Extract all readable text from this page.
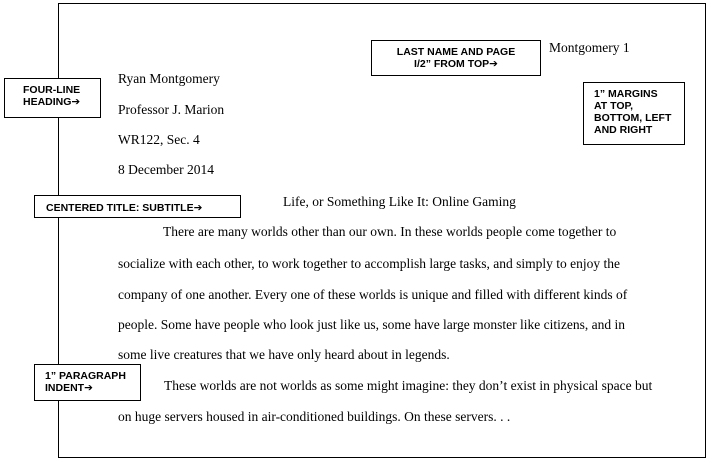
Montgomery 1
Ryan Montgomery
Professor J. Marion
WR122, Sec. 4
8 December 2014
Life, or Something Like It: Online Gaming
There are many worlds other than our own. In these worlds people come together to
socialize with each other, to work together to accomplish large tasks, and simply to enjoy the
company of one another. Every one of these worlds is unique and filled with different kinds of
people. Some have people who look just like us, some have large monster like citizens, and in
some live creatures that we have only heard about in legends.
These worlds are not worlds as some might imagine: they don’t exist in physical space but
on huge servers housed in air-conditioned buildings. On these servers. . .
LAST NAME AND PAGE
I/2” FROM TOP➔
FOUR-LINE
HEADING➔
1” MARGINS
AT TOP,
BOTTOM, LEFT
AND RIGHT
CENTERED TITLE: SUBTITLE➔
1” PARAGRAPH
INDENT➔
